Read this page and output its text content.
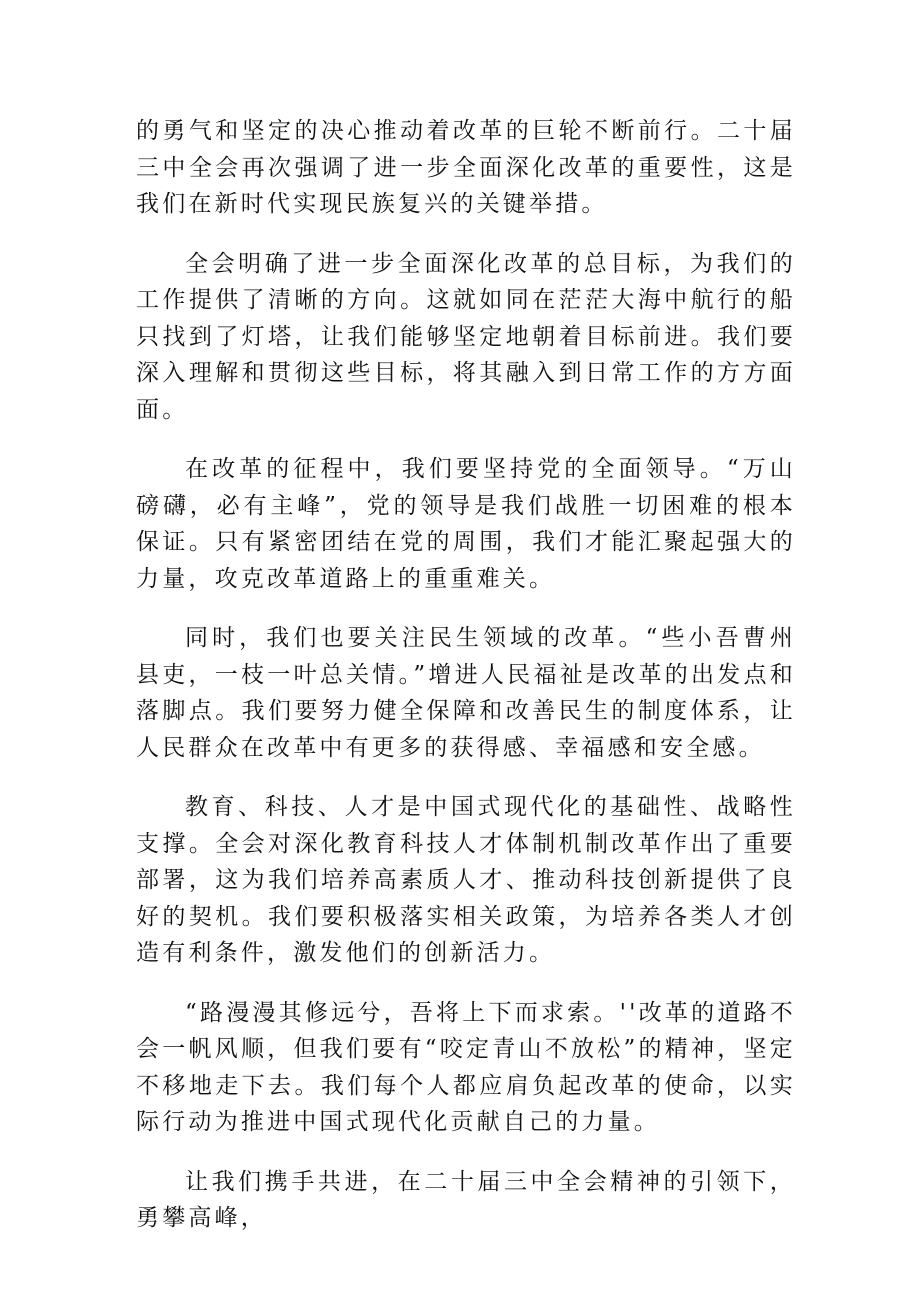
的勇气和坚定的决心推动着改革的巨轮不断前行。二十届三中全会再次强调了进一步全面深化改革的重要性，这是我们在新时代实现民族复兴的关键举措。

全会明确了进一步全面深化改革的总目标，为我们的工作提供了清晰的方向。这就如同在茫茫大海中航行的船只找到了灯塔，让我们能够坚定地朝着目标前进。我们要深入理解和贯彻这些目标，将其融入到日常工作的方方面面。

在改革的征程中，我们要坚持党的全面领导。“万山磅礴，必有主峰”，党的领导是我们战胜一切困难的根本保证。只有紧密团结在党的周围，我们才能汇聚起强大的力量，攻克改革道路上的重重难关。

同时，我们也要关注民生领域的改革。“些小吾曹州县吏，一枝一叶总关情。”增进人民福祉是改革的出发点和落脚点。我们要努力健全保障和改善民生的制度体系，让人民群众在改革中有更多的获得感、幸福感和安全感。

教育、科技、人才是中国式现代化的基础性、战略性支撑。全会对深化教育科技人才体制机制改革作出了重要部署，这为我们培养高素质人才、推动科技创新提供了良好的契机。我们要积极落实相关政策，为培养各类人才创造有利条件，激发他们的创新活力。

“路漫漫其修远兮，吾将上下而求索。''改革的道路不会一帆风顺，但我们要有“咬定青山不放松”的精神，坚定不移地走下去。我们每个人都应肩负起改革的使命，以实际行动为推进中国式现代化贡献自己的力量。

让我们携手共进，在二十届三中全会精神的引领下，勇攀高峰，
